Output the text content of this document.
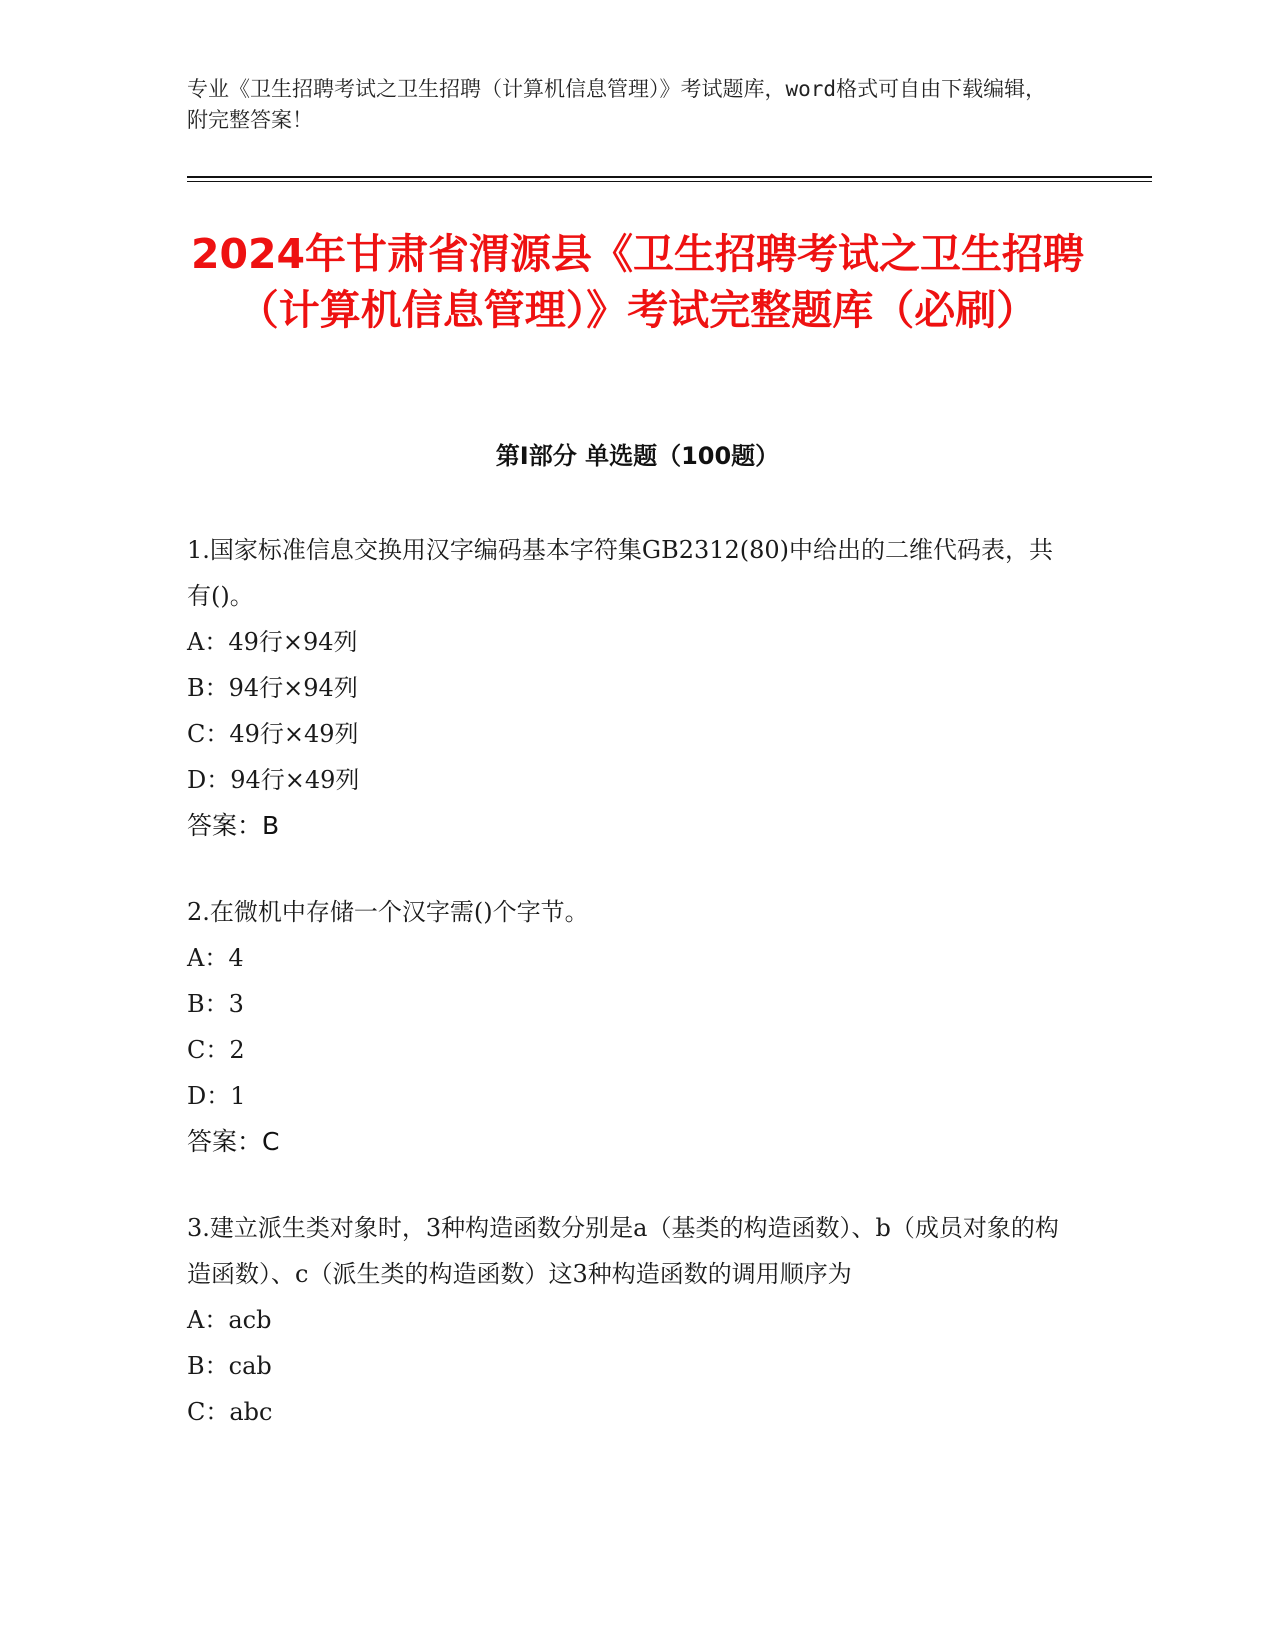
专业《卫生招聘考试之卫生招聘（计算机信息管理）》考试题库，word格式可自由下载编辑，附完整答案！
2024年甘肃省渭源县《卫生招聘考试之卫生招聘（计算机信息管理）》考试完整题库（必刷）
第Ⅰ部分 单选题（100题）
1.国家标准信息交换用汉字编码基本字符集GB2312(80)中给出的二维代码表，共有()。
A：49行×94列
B：94行×94列
C：49行×49列
D：94行×49列
答案：B
2.在微机中存储一个汉字需()个字节。
A：4
B：3
C：2
D：1
答案：C
3.建立派生类对象时，3种构造函数分别是a（基类的构造函数）、b（成员对象的构造函数）、c（派生类的构造函数）这3种构造函数的调用顺序为
A：acb
B：cab
C：abc
